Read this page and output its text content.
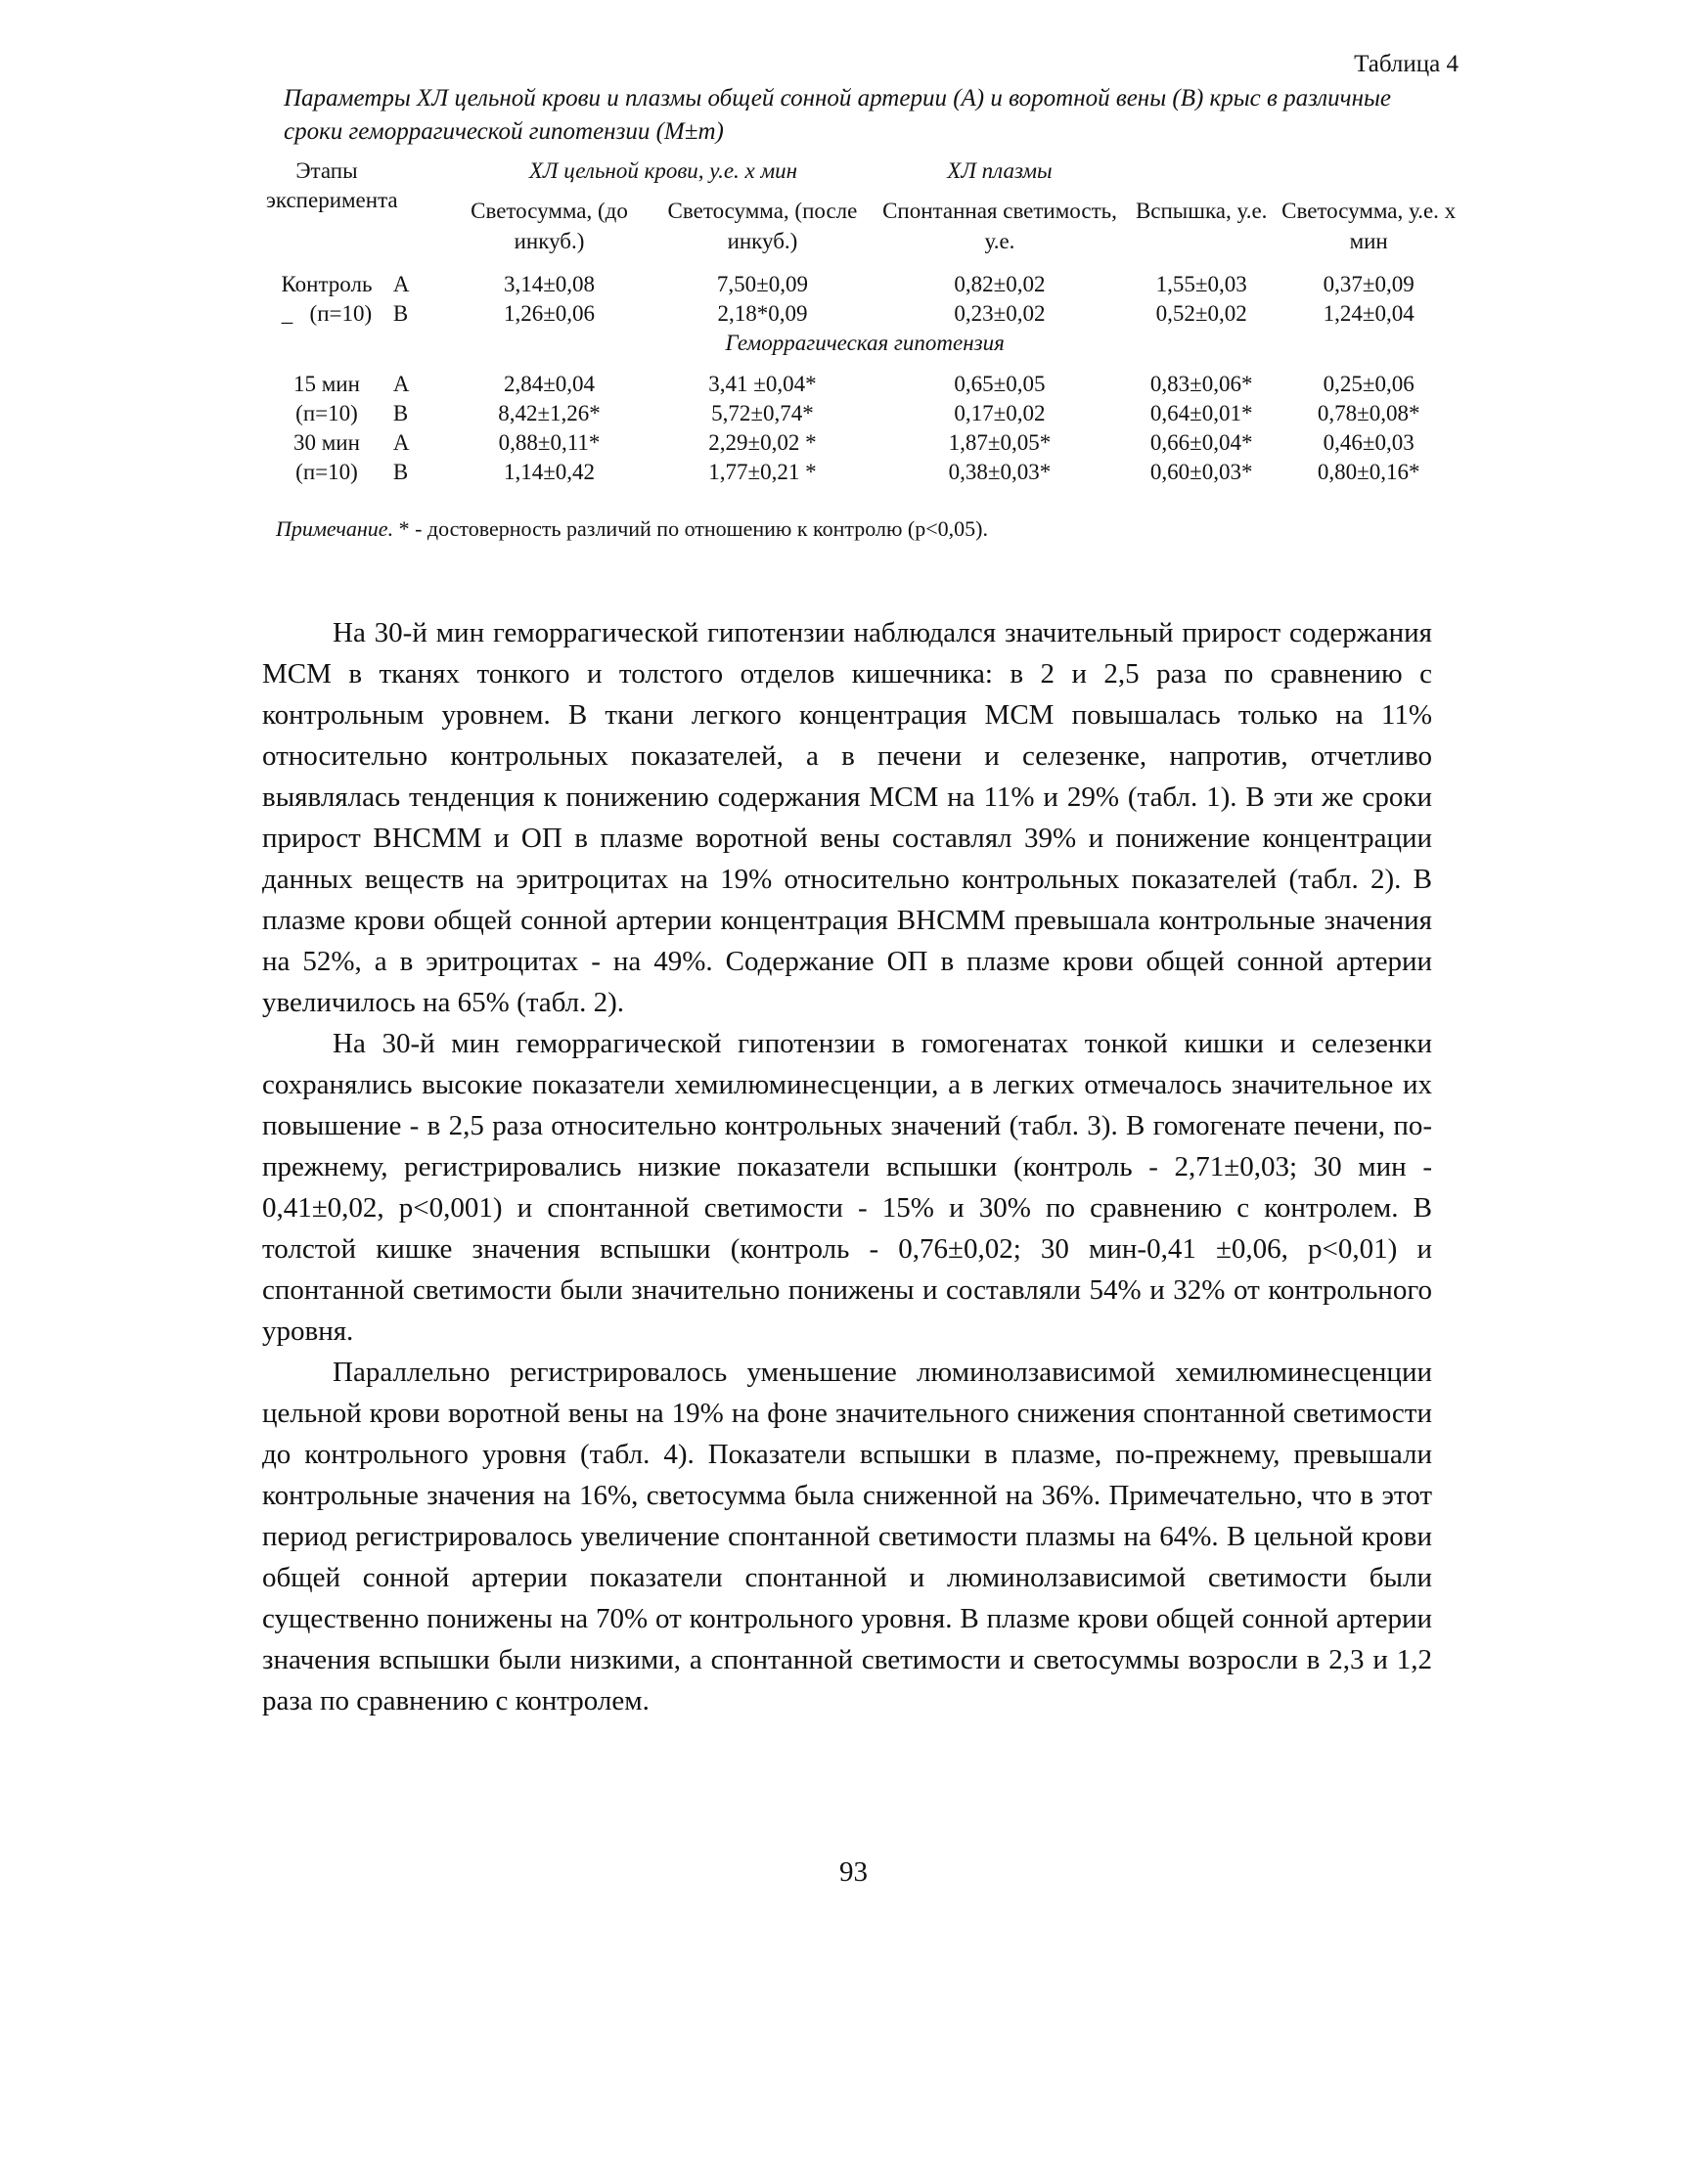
Таблица 4
Параметры ХЛ цельной крови и плазмы общей сонной артерии (А) и воротной вены (В) крыс в различные сроки геморрагической гипотензии (М±m)
Этапы эксперимента		ХЛ цельной крови, у.е. х мин		ХЛ плазмы		
		Светосумма, (до инкуб.)	Светосумма, (после инкуб.)	Спонтанная светимость, у.е.	Вспышка, у.е.	Светосумма, у.е. х мин

Контроль	А	3,14±0,08	7,50±0,09	0,82±0,02	1,55±0,03	0,37±0,09
_   (п=10)	В	1,26±0,06	2,18*0,09	0,23±0,02	0,52±0,02	1,24±0,04
		Геморрагическая гипотензия				

15 мин	А	2,84±0,04	3,41 ±0,04*	0,65±0,05	0,83±0,06*	0,25±0,06
(п=10)	В	8,42±1,26*	5,72±0,74*	0,17±0,02	0,64±0,01*	0,78±0,08*
30 мин	А	0,88±0,11*	2,29±0,02 *	1,87±0,05*	0,66±0,04*	0,46±0,03
(п=10)	В	1,14±0,42	1,77±0,21 *	0,38±0,03*	0,60±0,03*	0,80±0,16*
Примечание. * - достоверность различий по отношению к контролю (р<0,05).

На 30-й мин геморрагической гипотензии наблюдался значительный прирост содержания МСМ в тканях тонкого и толстого отделов кишечника: в 2 и 2,5 раза по сравнению с контрольным уровнем. В ткани легкого концентрация МСМ повышалась только на 11% относительно контрольных показателей, а в печени и селезенке, напротив, отчетливо выявлялась тенденция к понижению содержания МСМ на 11% и 29% (табл. 1). В эти же сроки прирост ВНСММ и ОП в плазме воротной вены составлял 39% и понижение концентрации данных веществ на эритроцитах на 19% относительно контрольных показателей (табл. 2). В плазме крови общей сонной артерии концентрация ВНСММ превышала контрольные значения на 52%, а в эритроцитах - на 49%. Содержание ОП в плазме крови общей сонной артерии увеличилось на 65% (табл. 2).

На 30-й мин геморрагической гипотензии в гомогенатах тонкой кишки и селезенки сохранялись высокие показатели хемилюминесценции, а в легких отмечалось значительное их повышение - в 2,5 раза относительно контрольных значений (табл. 3). В гомогенате печени, по-прежнему, регистрировались низкие показатели вспышки (контроль - 2,71±0,03; 30 мин - 0,41±0,02, р<0,001) и спонтанной светимости - 15% и 30% по сравнению с контролем. В толстой кишке значения вспышки (контроль - 0,76±0,02; 30 мин-0,41 ±0,06, р<0,01) и спонтанной светимости были значительно понижены и составляли 54% и 32% от контрольного уровня.

Параллельно регистрировалось уменьшение люминолзависимой хемилюминесценции цельной крови воротной вены на 19% на фоне значительного снижения спонтанной светимости до контрольного уровня (табл. 4). Показатели вспышки в плазме, по-прежнему, превышали контрольные значения на 16%, светосумма была сниженной на 36%. Примечательно, что в этот период регистрировалось увеличение спонтанной светимости плазмы на 64%. В цельной крови общей сонной артерии показатели спонтанной и люминолзависимой светимости были существенно понижены на 70% от контрольного уровня. В плазме крови общей сонной артерии значения вспышки были низкими, а спонтанной светимости и светосуммы возросли в 2,3 и 1,2 раза по сравнению с контролем.

93
